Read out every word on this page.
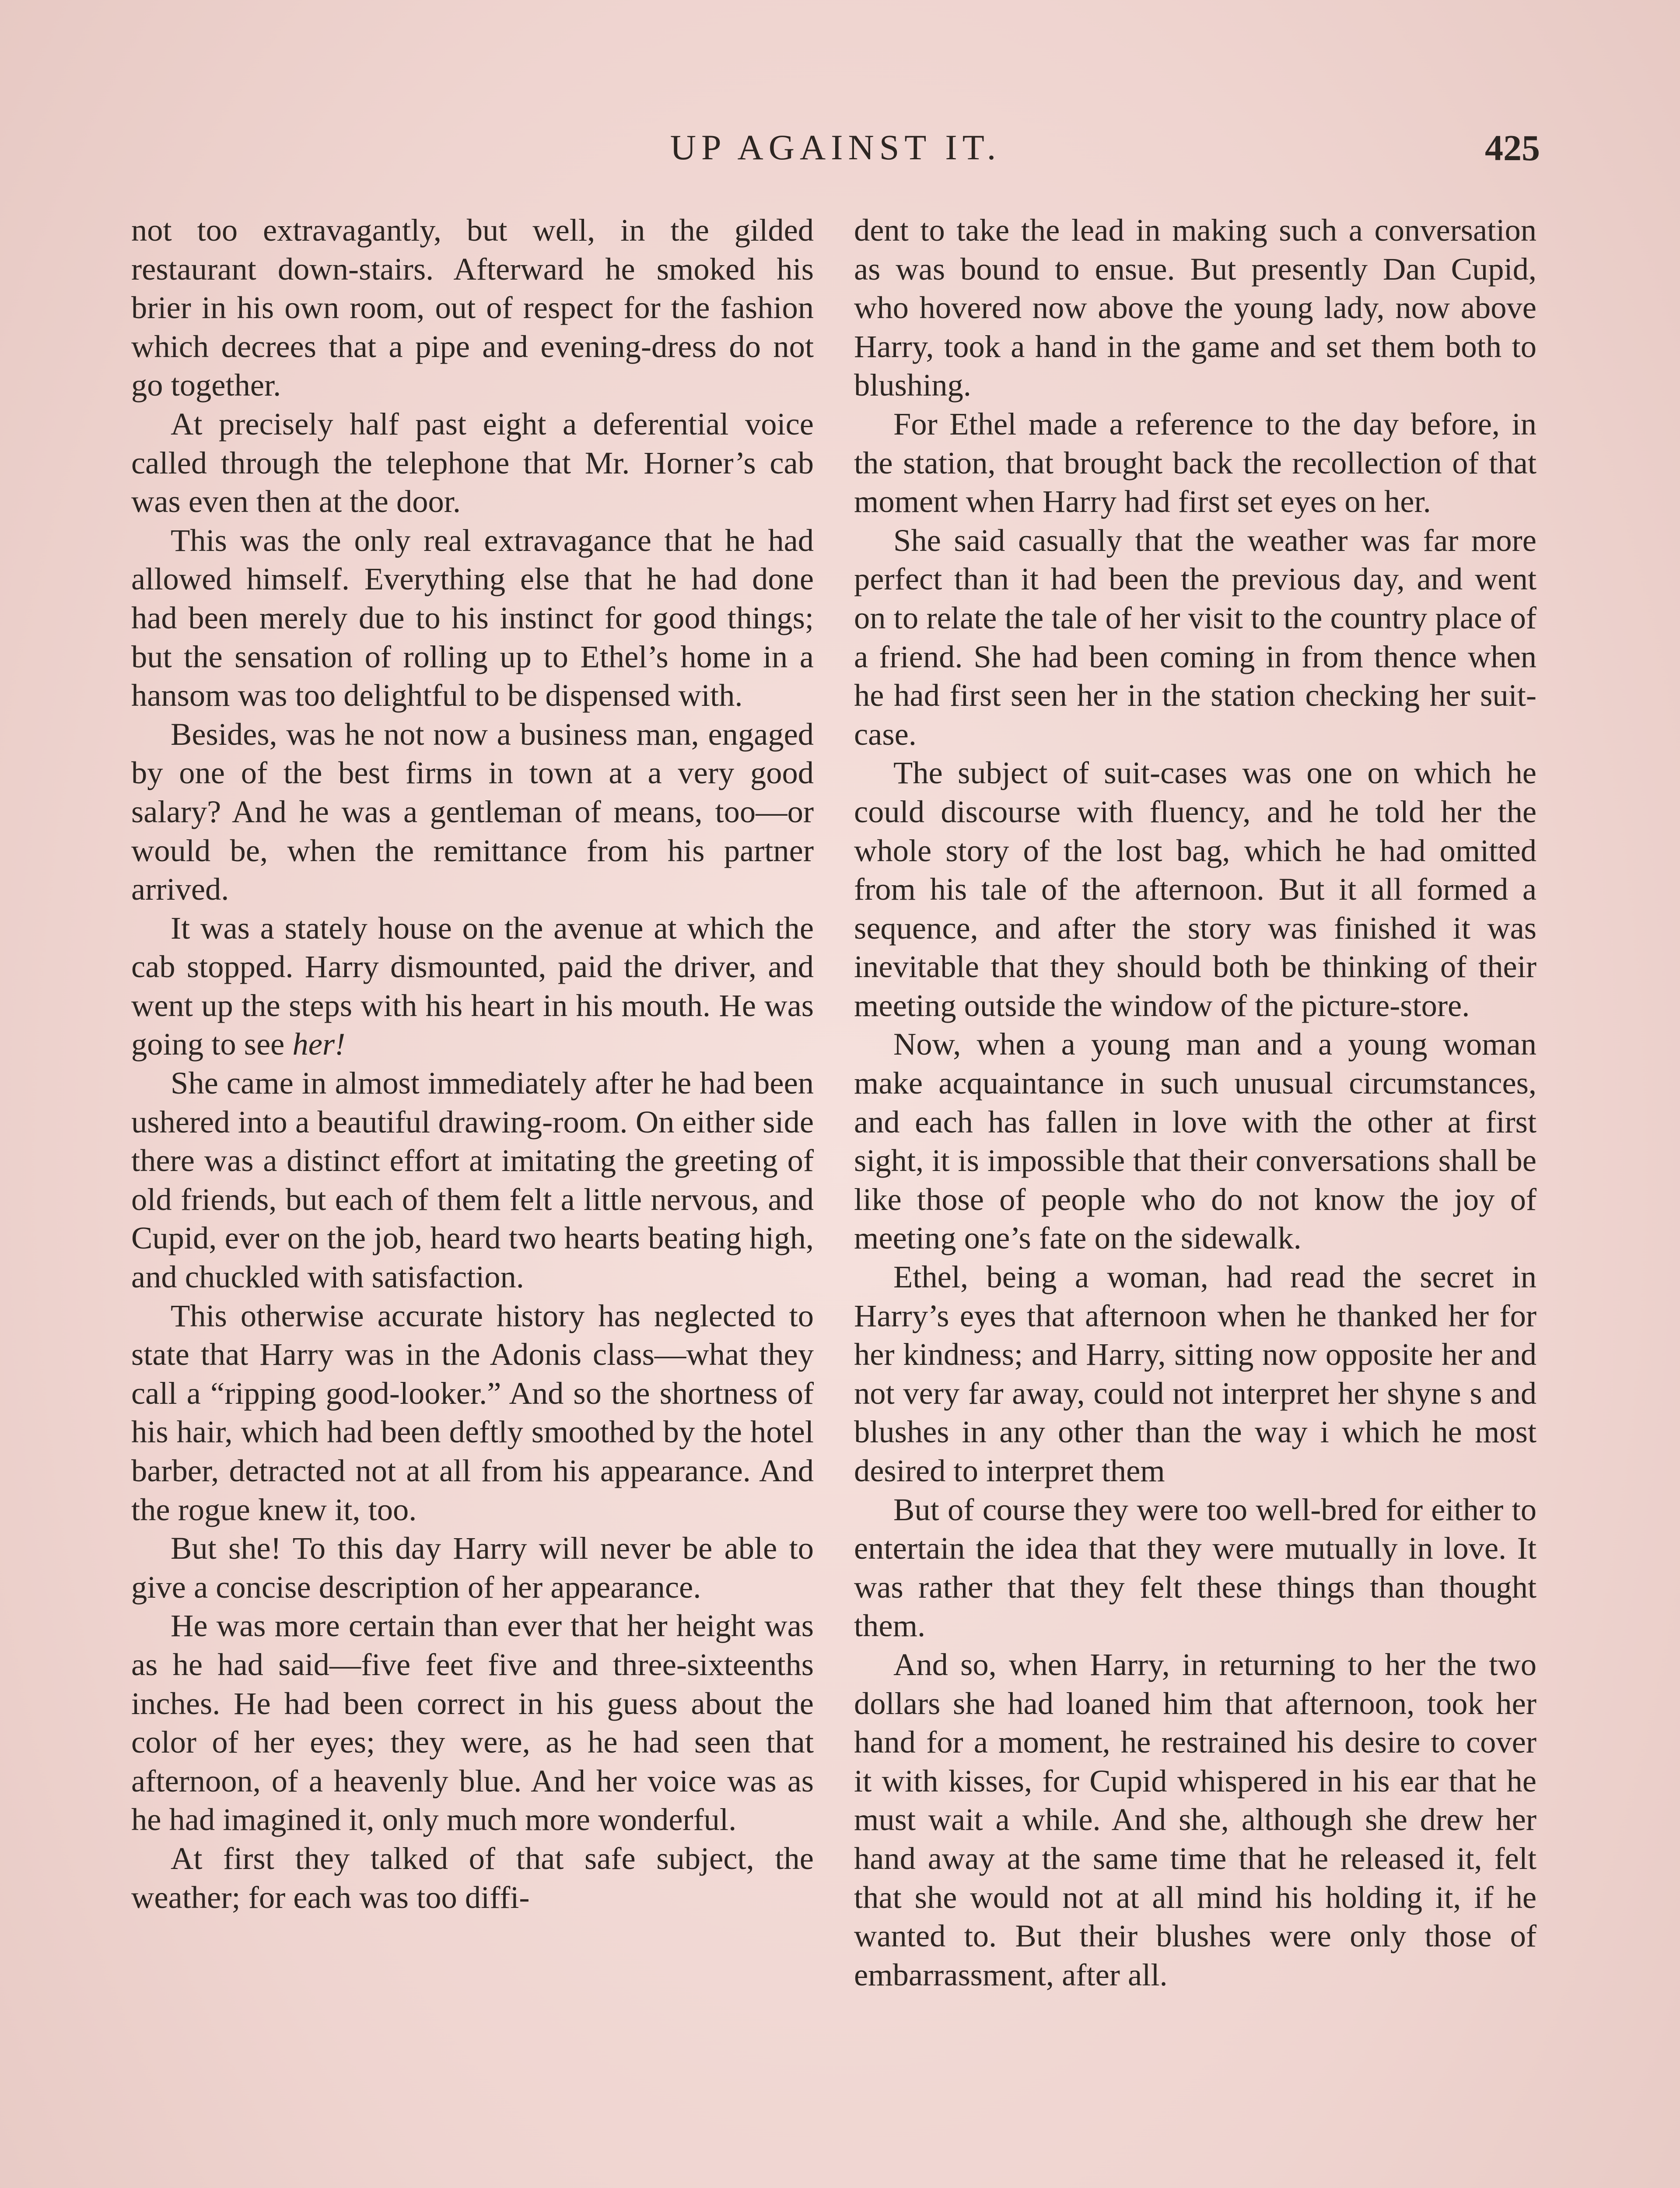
UP AGAINST IT.	425

not too extravagantly, but well, in the gilded restaurant down-stairs. Afterward he smoked his brier in his own room, out of respect for the fashion which decrees that a pipe and evening-dress do not go together.

At precisely half past eight a deferential voice called through the telephone that Mr. Horner’s cab was even then at the door.

This was the only real extravagance that he had allowed himself. Everything else that he had done had been merely due to his instinct for good things; but the sensation of rolling up to Ethel’s home in a hansom was too delightful to be dispensed with.

Besides, was he not now a business man, engaged by one of the best firms in town at a very good salary? And he was a gentleman of means, too—or would be, when the remittance from his partner arrived.

It was a stately house on the avenue at which the cab stopped. Harry dismounted, paid the driver, and went up the steps with his heart in his mouth. He was going to see her!

She came in almost immediately after he had been ushered into a beautiful drawing-room. On either side there was a distinct effort at imitating the greeting of old friends, but each of them felt a little nervous, and Cupid, ever on the job, heard two hearts beating high, and chuckled with satisfaction.

This otherwise accurate history has neglected to state that Harry was in the Adonis class—what they call a “ripping good-looker.” And so the shortness of his hair, which had been deftly smoothed by the hotel barber, detracted not at all from his appearance. And the rogue knew it, too.

But she! To this day Harry will never be able to give a concise description of her appearance.

He was more certain than ever that her height was as he had said—five feet five and three-sixteenths inches. He had been correct in his guess about the color of her eyes; they were, as he had seen that afternoon, of a heavenly blue. And her voice was as he had imagined it, only much more wonderful.

At first they talked of that safe subject, the weather; for each was too diffi-

dent to take the lead in making such a conversation as was bound to ensue. But presently Dan Cupid, who hovered now above the young lady, now above Harry, took a hand in the game and set them both to blushing.

For Ethel made a reference to the day before, in the station, that brought back the recollection of that moment when Harry had first set eyes on her.

She said casually that the weather was far more perfect than it had been the previous day, and went on to relate the tale of her visit to the country place of a friend. She had been coming in from thence when he had first seen her in the station checking her suit-case.

The subject of suit-cases was one on which he could discourse with fluency, and he told her the whole story of the lost bag, which he had omitted from his tale of the afternoon. But it all formed a sequence, and after the story was finished it was inevitable that they should both be thinking of their meeting outside the window of the picture-store.

Now, when a young man and a young woman make acquaintance in such unusual circumstances, and each has fallen in love with the other at first sight, it is impossible that their conversations shall be like those of people who do not know the joy of meeting one’s fate on the sidewalk.

Ethel, being a woman, had read the secret in Harry’s eyes that afternoon when he thanked her for her kindness; and Harry, sitting now opposite her and not very far away, could not interpret her shyne s and blushes in any other than the way i which he most desired to interpret them

But of course they were too well-bred for either to entertain the idea that they were mutually in love. It was rather that they felt these things than thought them.

And so, when Harry, in returning to her the two dollars she had loaned him that afternoon, took her hand for a moment, he restrained his desire to cover it with kisses, for Cupid whispered in his ear that he must wait a while. And she, although she drew her hand away at the same time that he released it, felt that she would not at all mind his holding it, if he wanted to. But their blushes were only those of embarrassment, after all.
